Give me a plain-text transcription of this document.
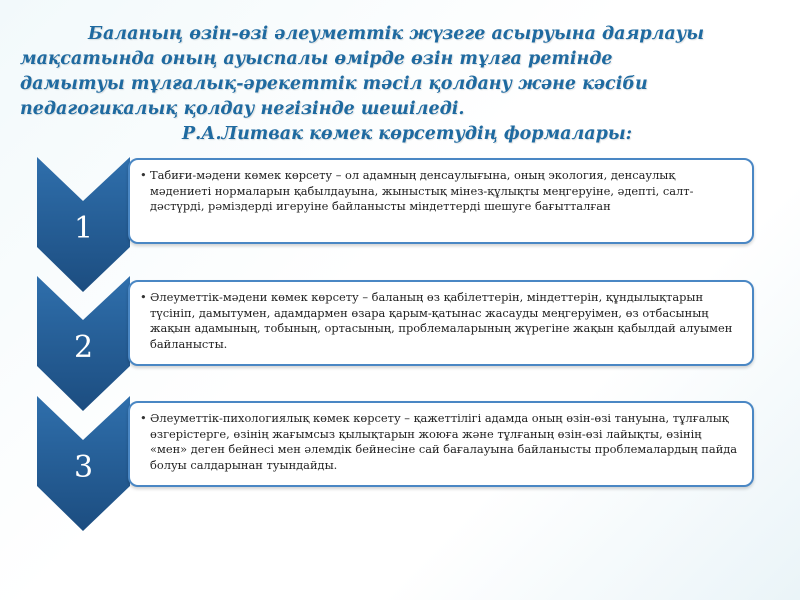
Баланың өзін-өзі әлеуметтік жүзеге асыруына даярлауы
мақсатында оның ауыспалы өмірде өзін тұлға ретінде
дамытуы тұлғалық-әрекеттік тәсіл қолдану және кәсіби
педагогикалық қолдау негізінде шешіледі.
Р.А.Литвак көмек көрсетудің формалары:
1
• Табиғи-мәдени көмек көрсету – ол адамның денсаулығына, оның экология, денсаулық мәдениеті нормаларын қабылдауына, жыныстық мінез-құлықты меңгеруіне, әдепті, салт-дәстүрді, рәміздерді игеруіне байланысты міндеттерді шешуге бағытталған
2
• Әлеуметтік-мәдени көмек көрсету – баланың өз қабілеттерін, міндеттерін, құндылықтарын түсініп, дамытумен, адамдармен өзара қарым-қатынас жасауды меңгеруімен, өз отбасының жақын адамының, тобының, ортасының, проблемаларының жүрегіне жақын қабылдай алуымен байланысты.
3
• Әлеуметтік-пихологиялық көмек көрсету – қажеттілігі адамда оның өзін-өзі тануына, тұлғалық өзгерістерге, өзінің жағымсыз қылықтарын жоюға және тұлғаның өзін-өзі лайықты, өзінің «мен» деген бейнесі мен әлемдік бейнесіне сай бағалауына байланысты проблемалардың пайда болуы салдарынан туындайды.
